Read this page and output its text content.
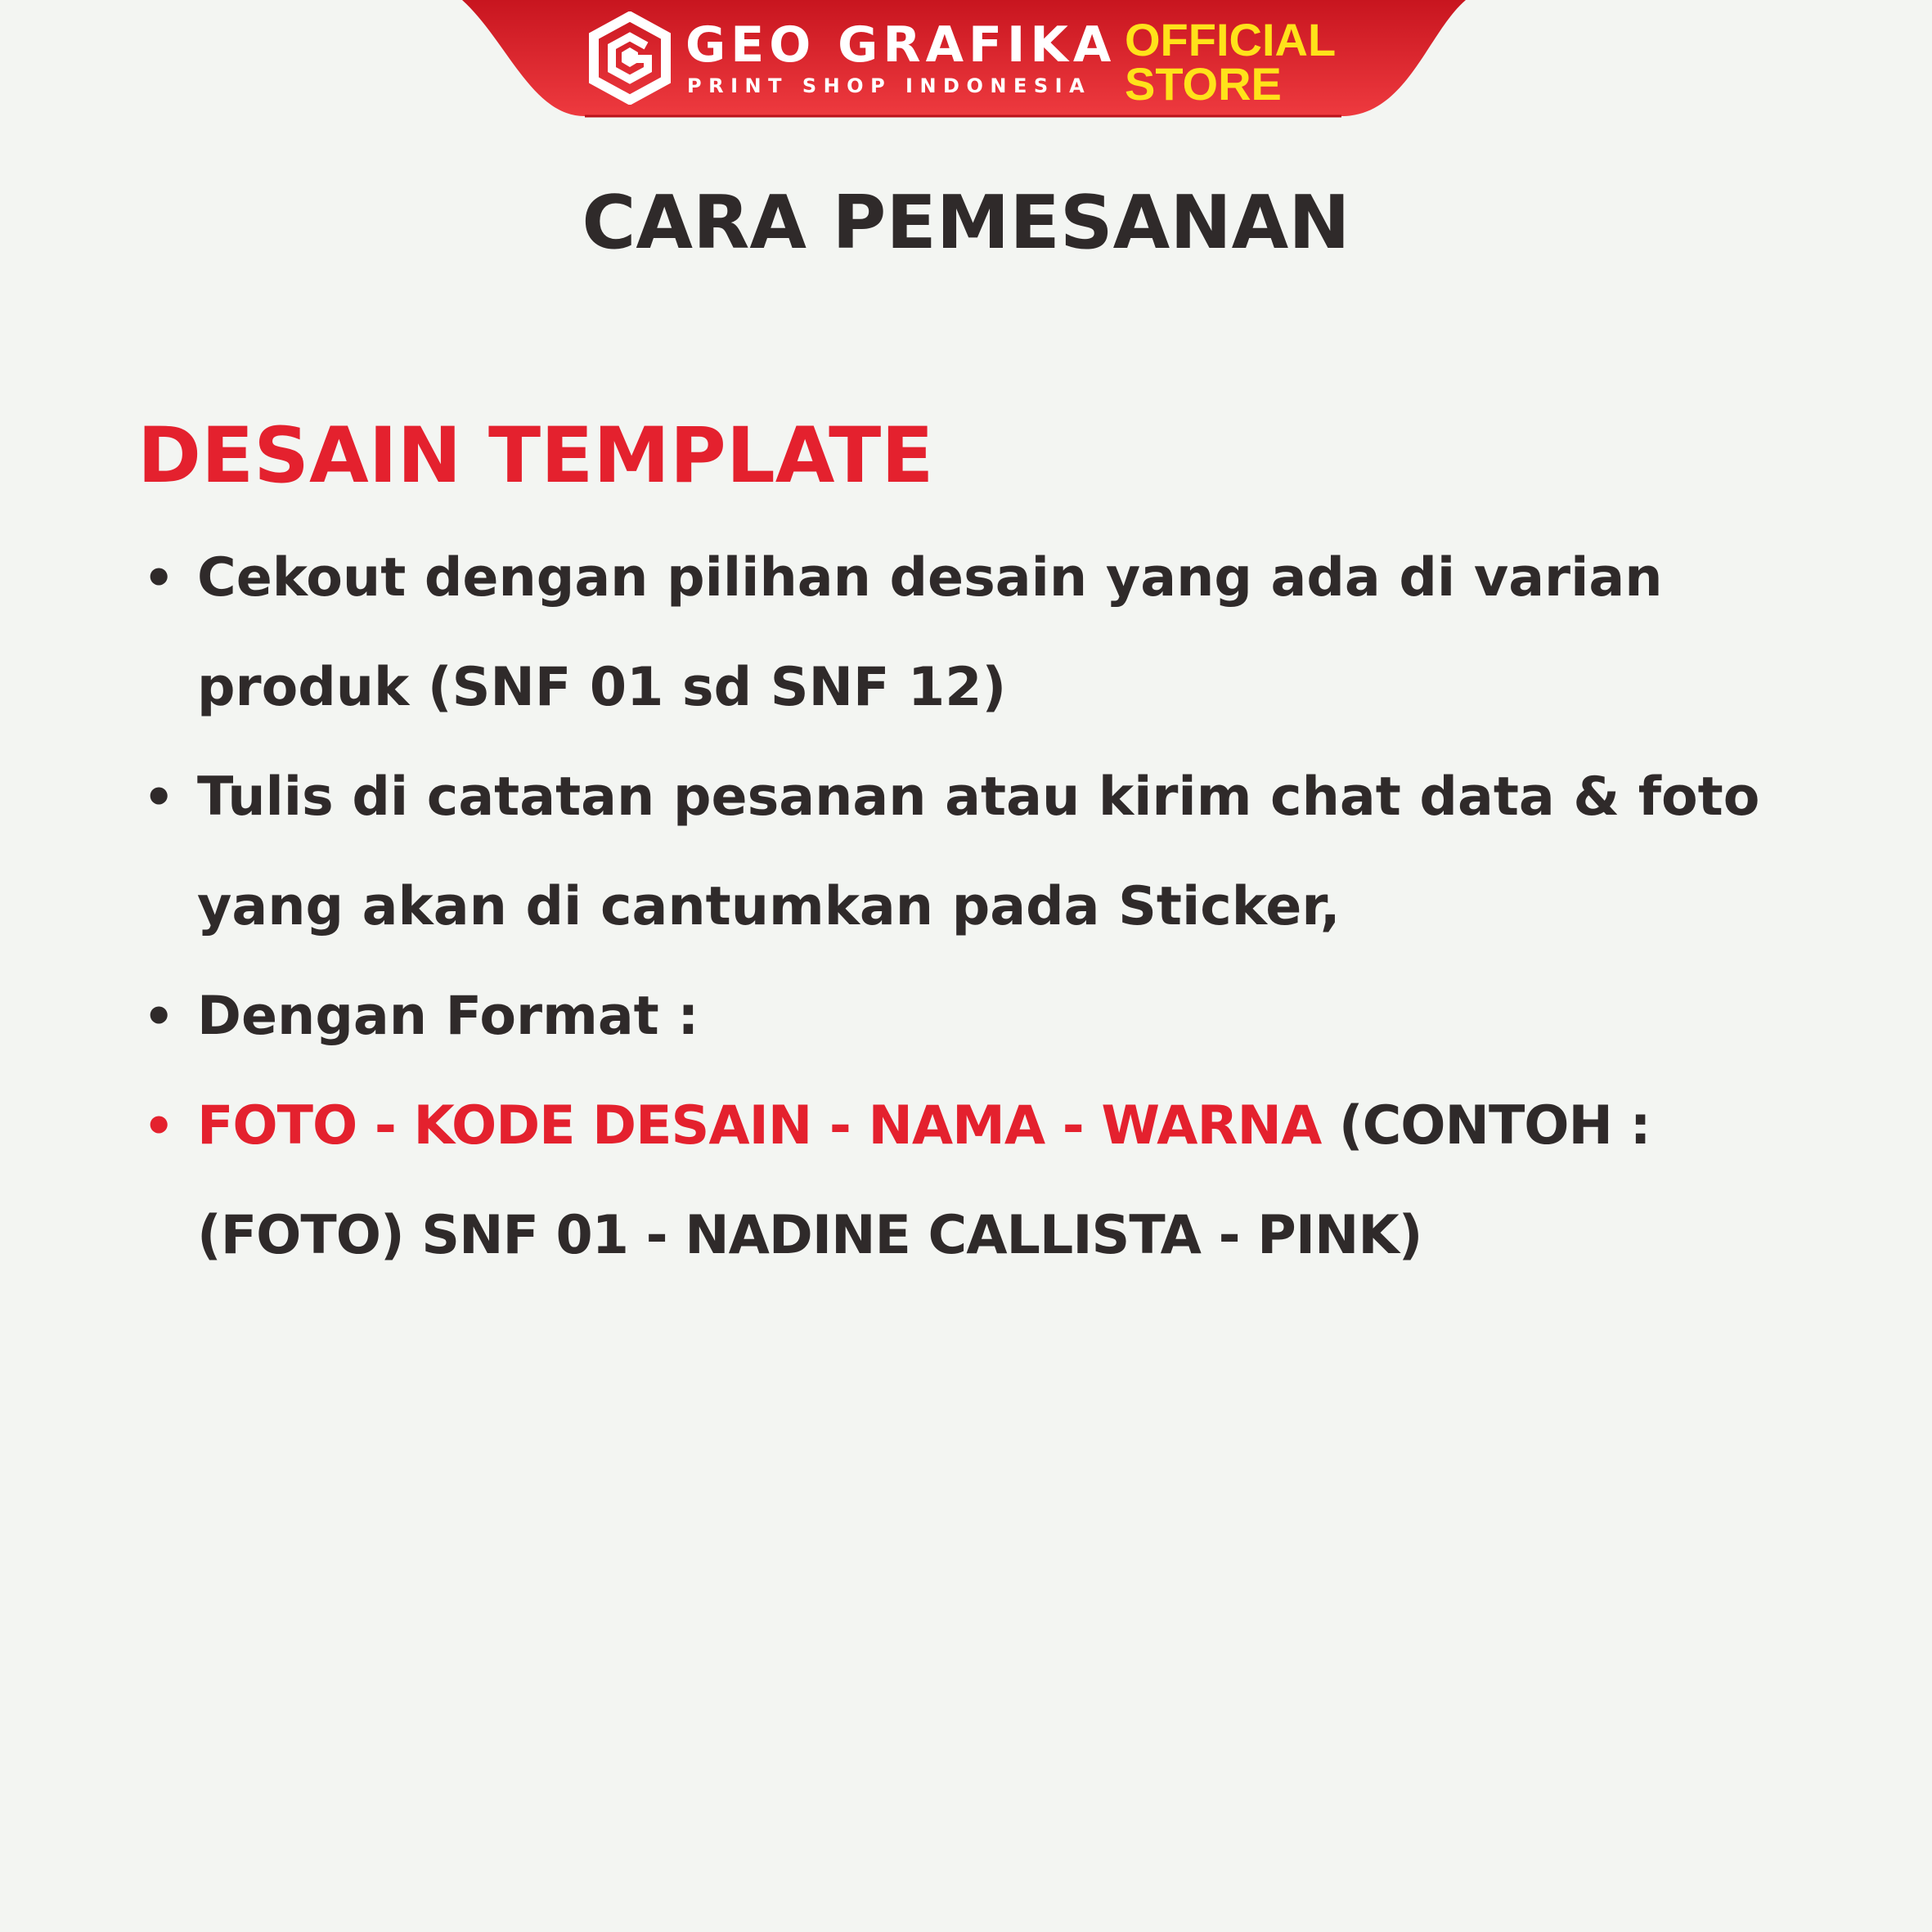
GEO GRAFIKA
PRINT SHOP INDONESIA
OFFICIAL
STORE
CARA PEMESANAN
DESAIN TEMPLATE
• Cekout dengan pilihan desain yang ada di varian produk (SNF 01 sd SNF 12)
• Tulis di catatan pesanan atau kirim chat data & foto yang akan di cantumkan pada Sticker,
• Dengan Format :
• FOTO - KODE DESAIN - NAMA - WARNA (CONTOH : (FOTO) SNF 01 - NADINE CALLISTA - PINK)
